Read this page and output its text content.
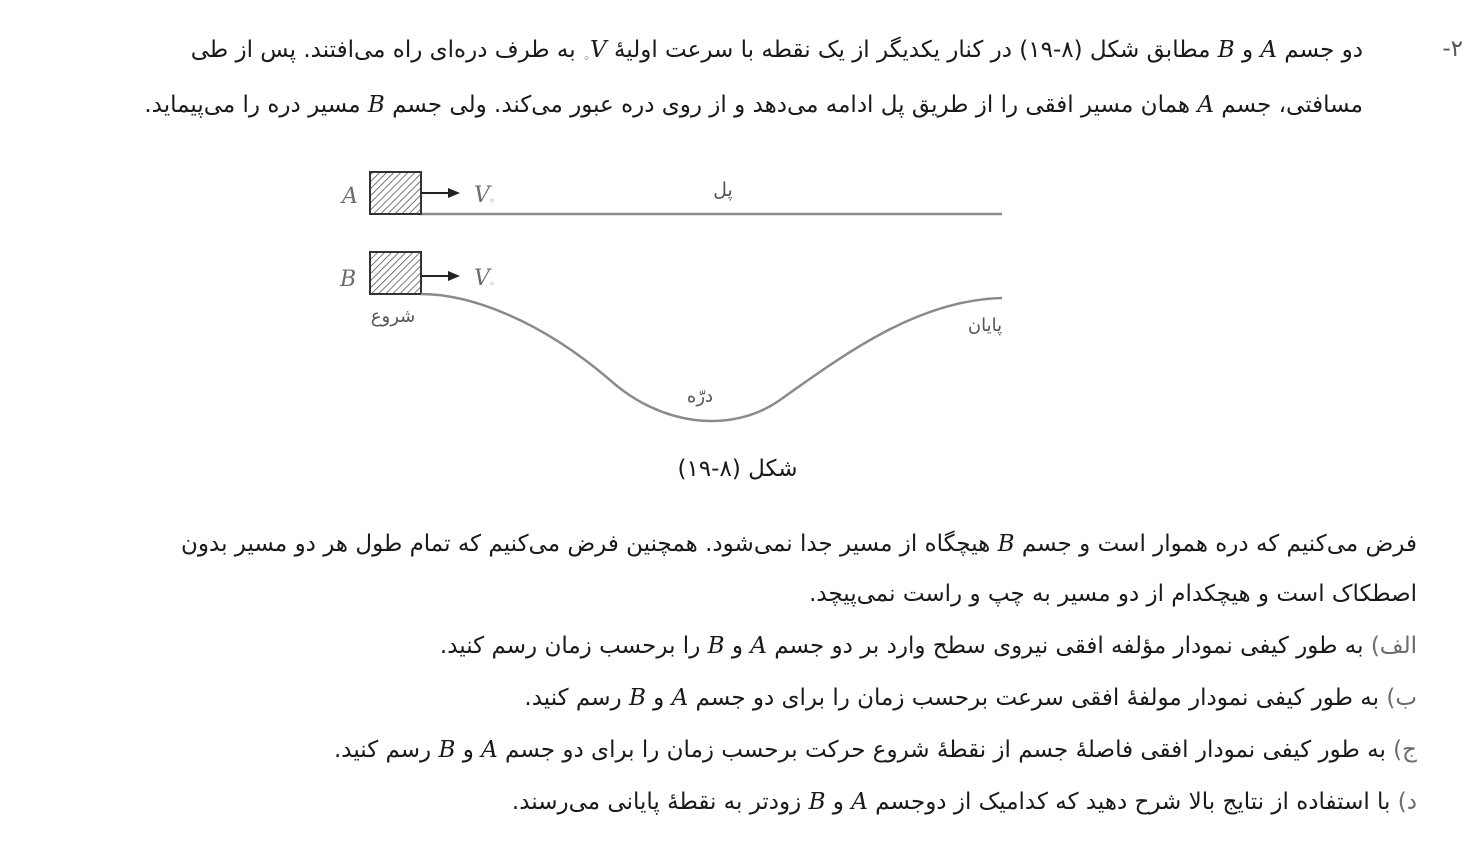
-۲
دو جسم A و B مطابق شکل (۸-۱۹) در کنار یکدیگر از یک نقطه با سرعت اولیهٔ $V_◦$ به طرف دره‌ای راه می‌افتند. پس از طی
مسافتی، جسم A همان مسیر افقی را از طریق پل ادامه می‌دهد و از روی دره عبور می‌کند. ولی جسم B مسیر دره را می‌پیماید.
A
B
V ◦
V ◦
پل
شروع	پایان
درّه
شکل (۸-۱۹)
فرض می‌کنیم که دره هموار است و جسم B هیچگاه از مسیر جدا نمی‌شود. همچنین فرض می‌کنیم که تمام طول هر دو مسیر بدون
اصطکاک است و هیچکدام از دو مسیر به چپ و راست نمی‌پیچد.
الف) به طور کیفی نمودار مؤلفه افقی نیروی سطح وارد بر دو جسم A و B را برحسب زمان رسم کنید.
ب) به طور کیفی نمودار مولفهٔ افقی سرعت برحسب زمان را برای دو جسم A و B رسم کنید.
ج) به طور کیفی نمودار افقی فاصلهٔ جسم از نقطهٔ شروع حرکت برحسب زمان را برای دو جسم A و B رسم کنید.
د) با استفاده از نتایج بالا شرح دهید که کدامیک از دوجسم A و B زودتر به نقطهٔ پایانی می‌رسند.
